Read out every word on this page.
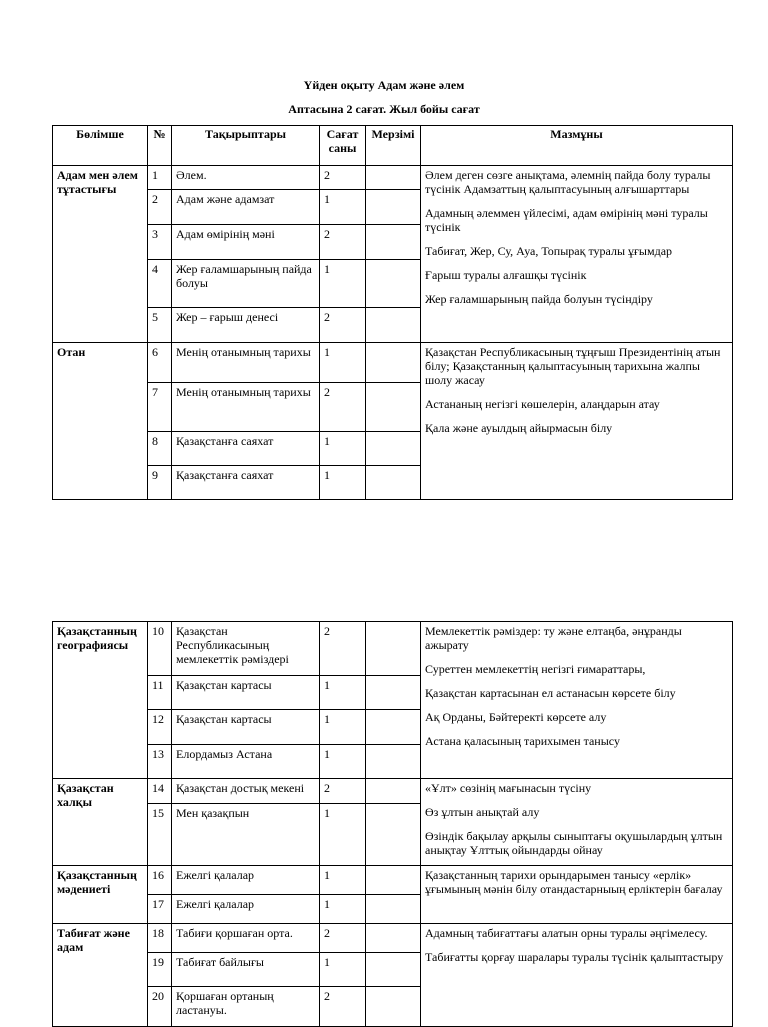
Үйден оқыту Адам және әлем
Аптасына 2 сағат. Жыл бойы сағат
Бөлімше	№	Тақырыптары	Сағат саны	Мерзімі	Мазмұны
Адам мен әлем тұтастығы	1	Әлем.	2		Әлем деген сөзге анықтама, әлемнің пайда болу туралы түсінік Адамзаттың қалыптасуының алғышарттары

Адамның әлеммен үйлесімі, адам өмірінің мәні туралы түсінік

Табиғат, Жер, Су, Ауа, Топырақ туралы ұғымдар

Ғарыш туралы алғашқы түсінік

Жер ғаламшарының пайда болуын түсіндіру

	2	Адам және адамзат	1		
	3	Адам өмірінің мәні	2		
	4	Жер ғаламшарының пайда болуы	1		
	5	Жер – ғарыш денесі	2		
Отан	6	Менің отанымның тарихы	1		Қазақстан Республикасының тұңғыш Президентінің атын білу; Қазақстанның қалыптасуының тарихына жалпы шолу жасау

Астананың негізгі көшелерін, алаңдарын атау

Қала және ауылдың айырмасын білу

	7	Менің отанымның тарихы	2		
	8	Қазақстанға саяхат	1		
	9	Қазақстанға саяхат	1		
Қазақстанның географиясы	10	Қазақстан Республикасының мемлекеттік рәміздері	2		Мемлекеттік рәміздер: ту және елтаңба, әнұранды ажырату

Суреттен мемлекеттің негізгі ғимараттары,

Қазақстан картасынан ел астанасын көрсете білу

Ақ Орданы, Бәйтеректі көрсете алу

Астана қаласының тарихымен танысу

	11	Қазақстан картасы	1		
	12	Қазақстан картасы	1		
	13	Елордамыз Астана	1		
Қазақстан халқы	14	Қазақстан достық мекені	2		«Ұлт» сөзінің мағынасын түсіну

Өз ұлтын анықтай алу

Өзіндік бақылау арқылы сыныптағы оқушылардың ұлтын анықтау Ұлттық ойындарды ойнау

	15	Мен қазақпын	1		
Қазақстанның мәдениеті	16	Ежелгі қалалар	1		Қазақстанның тарихи орындарымен танысу «ерлік» ұғымының мәнін білу отандастарныың ерліктерін бағалау

	17	Ежелгі қалалар	1		
Табиғат және адам	18	Табиғи қоршаған орта.	2		Адамның табиғаттағы алатын орны туралы әңгімелесу.

Табиғатты қорғау шаралары туралы түсінік қалыптастыру

	19	Табиғат байлығы	1		
	20	Қоршаған ортаның ластануы.	2		
